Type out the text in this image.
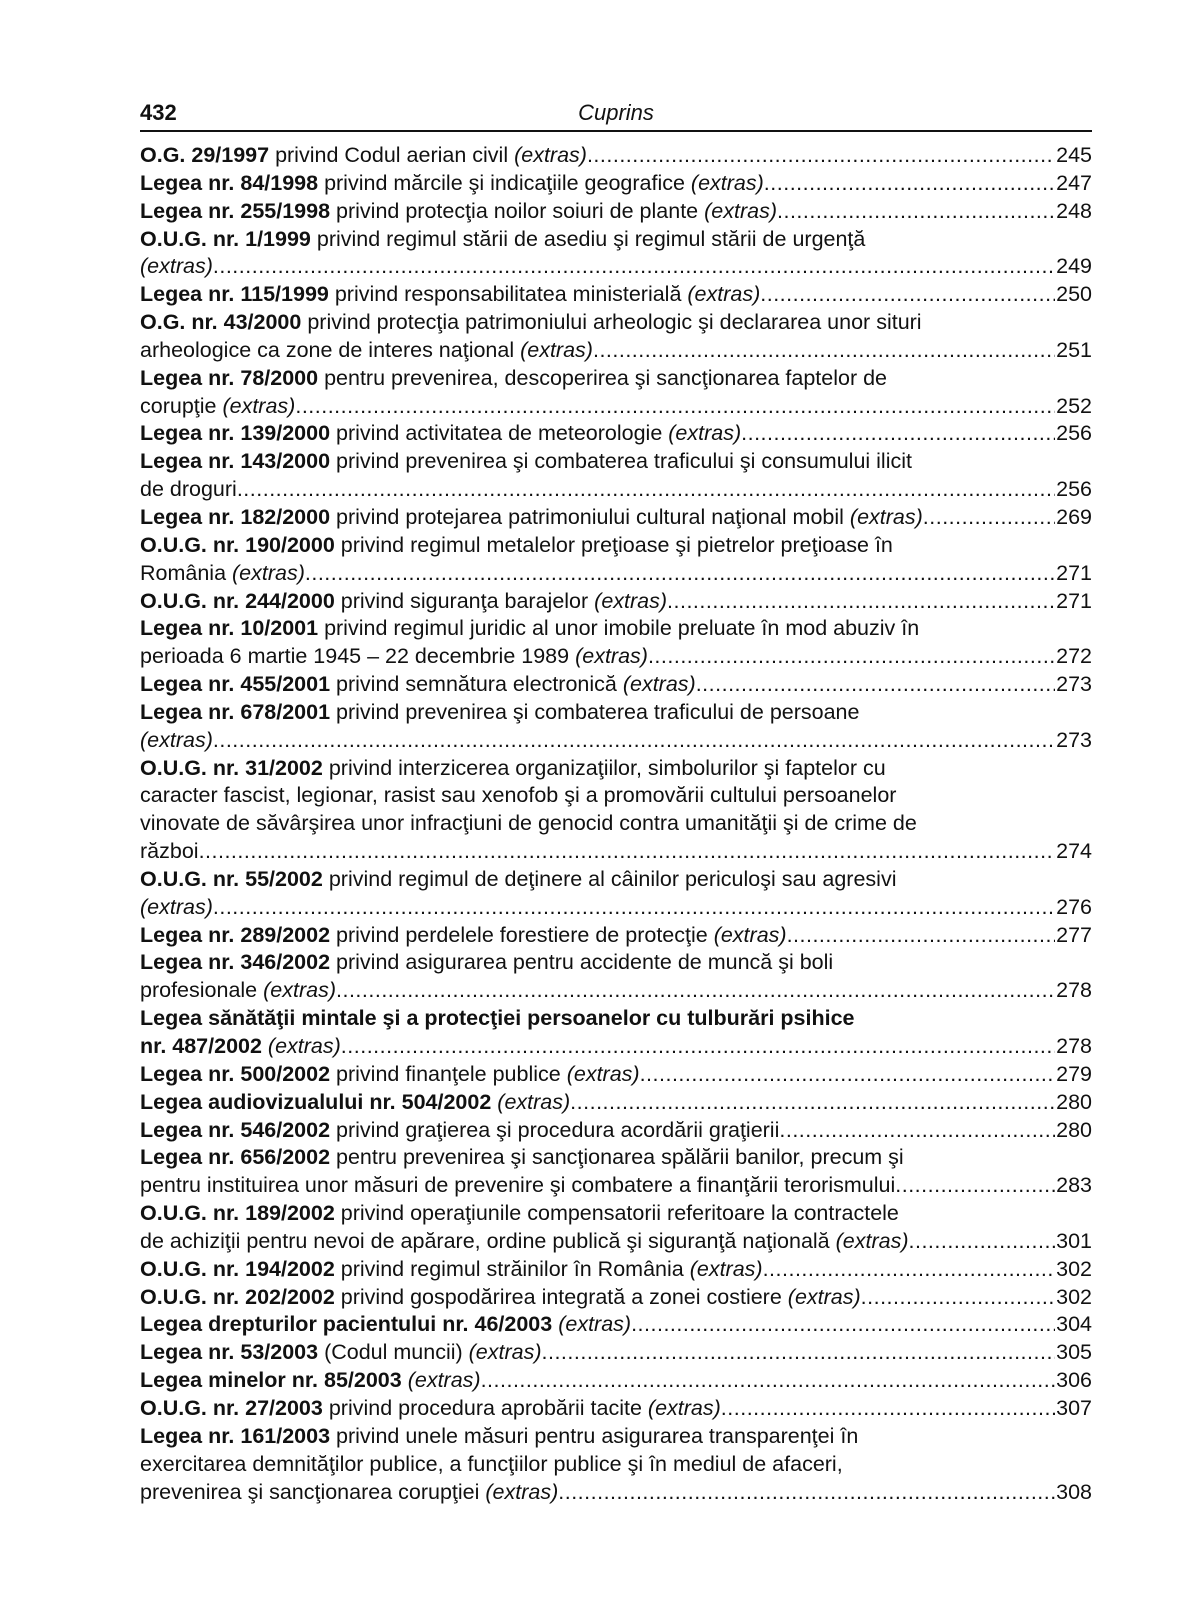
432	Cuprins
O.G. 29/1997 privind Codul aerian civil (extras) .....	245
Legea nr. 84/1998 privind mărcile şi indicaţiile geografice (extras) .....	247
Legea nr. 255/1998 privind protecţia noilor soiuri de plante (extras) .....	248
O.U.G. nr. 1/1999 privind regimul stării de asediu şi regimul stării de urgenţă
(extras) .....	249
Legea nr. 115/1999 privind responsabilitatea ministerială (extras) .....	250
O.G. nr. 43/2000 privind protecţia patrimoniului arheologic şi declararea unor situri
arheologice ca zone de interes naţional (extras) .....	251
Legea nr. 78/2000 pentru prevenirea, descoperirea şi sancţionarea faptelor de
corupţie (extras) .....	252
Legea nr. 139/2000 privind activitatea de meteorologie (extras) .....	256
Legea nr. 143/2000 privind prevenirea şi combaterea traficului şi consumului ilicit
de droguri .....	256
Legea nr. 182/2000 privind protejarea patrimoniului cultural naţional mobil (extras) .....	269
O.U.G. nr. 190/2000 privind regimul metalelor preţioase şi pietrelor preţioase în
România (extras) .....	271
O.U.G. nr. 244/2000 privind siguranţa barajelor (extras) .....	271
Legea nr. 10/2001 privind regimul juridic al unor imobile preluate în mod abuziv în
perioada 6 martie 1945 – 22 decembrie 1989 (extras) .....	272
Legea nr. 455/2001 privind semnătura electronică (extras) .....	273
Legea nr. 678/2001 privind prevenirea şi combaterea traficului de persoane
(extras) .....	273
O.U.G. nr. 31/2002 privind interzicerea organizaţiilor, simbolurilor şi faptelor cu
caracter fascist, legionar, rasist sau xenofob şi a promovării cultului persoanelor
vinovate de săvârşirea unor infracţiuni de genocid contra umanităţii şi de crime de
război .....	274
O.U.G. nr. 55/2002 privind regimul de deţinere al câinilor periculoşi sau agresivi
(extras) .....	276
Legea nr. 289/2002 privind perdelele forestiere de protecţie (extras) .....	277
Legea nr. 346/2002 privind asigurarea pentru accidente de muncă şi boli
profesionale (extras) .....	278
Legea sănătăţii mintale şi a protecţiei persoanelor cu tulburări psihice
nr. 487/2002 (extras) .....	278
Legea nr. 500/2002 privind finanţele publice (extras) .....	279
Legea audiovizualului nr. 504/2002 (extras) .....	280
Legea nr. 546/2002 privind graţierea şi procedura acordării graţierii .....	280
Legea nr. 656/2002 pentru prevenirea şi sancţionarea spălării banilor, precum şi
pentru instituirea unor măsuri de prevenire şi combatere a finanţării terorismului .....	283
O.U.G. nr. 189/2002 privind operaţiunile compensatorii referitoare la contractele
de achiziţii pentru nevoi de apărare, ordine publică şi siguranţă naţională (extras) .....	301
O.U.G. nr. 194/2002 privind regimul străinilor în România (extras) .....	302
O.U.G. nr. 202/2002 privind gospodărirea integrată a zonei costiere (extras) .....	302
Legea drepturilor pacientului nr. 46/2003 (extras) .....	304
Legea nr. 53/2003 (Codul muncii) (extras) .....	305
Legea minelor nr. 85/2003 (extras) .....	306
O.U.G. nr. 27/2003 privind procedura aprobării tacite (extras) .....	307
Legea nr. 161/2003 privind unele măsuri pentru asigurarea transparenţei în
exercitarea demnităţilor publice, a funcţiilor publice şi în mediul de afaceri,
prevenirea şi sancţionarea corupţiei (extras) .....	308
